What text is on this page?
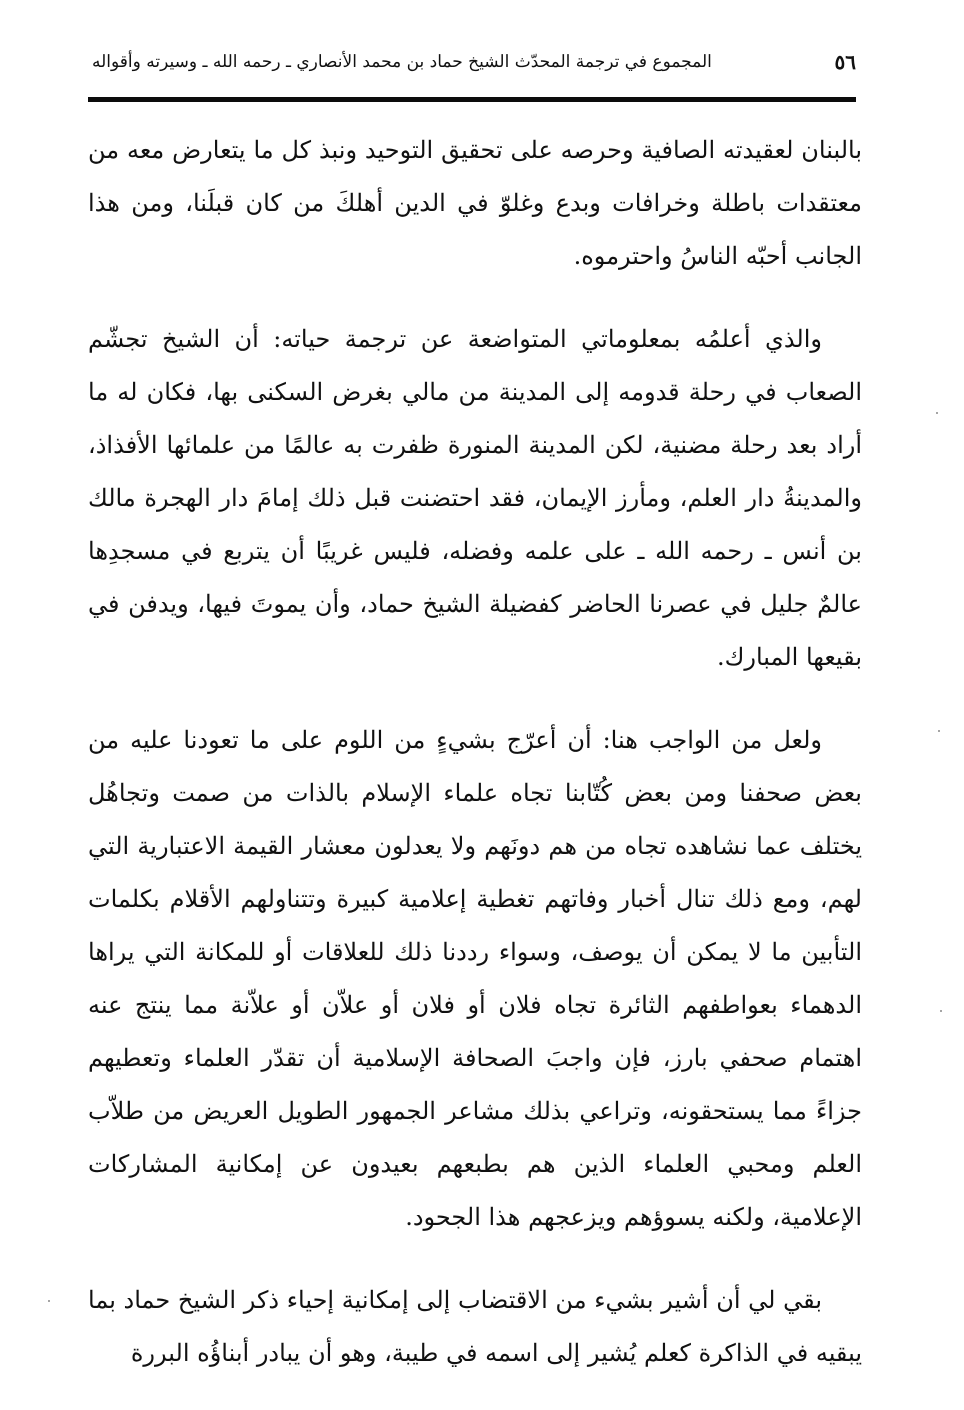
٥٦
المجموع في ترجمة المحدّث الشيخ حماد بن محمد الأنصاري ـ رحمه الله ـ وسيرته وأقواله

بالبنان لعقيدته الصافية وحرصه على تحقيق التوحيد ونبذ كل ما يتعارض معه من معتقدات باطلة وخرافات وبدع وغلوّ في الدين أهلكَ من كان قبلَنا، ومن هذا الجانب أحبّه الناسُ واحترموه.

والذي أعلمُه بمعلوماتي المتواضعة عن ترجمة حياته: أن الشيخ تجشّم الصعاب في رحلة قدومه إلى المدينة من مالي بغرض السكنى بها، فكان له ما أراد بعد رحلة مضنية، لكن المدينة المنورة ظفرت به عالمًا من علمائها الأفذاذ، والمدينةُ دار العلم، ومأرز الإيمان، فقد احتضنت قبل ذلك إمامَ دار الهجرة مالك بن أنس ـ رحمه الله ـ على علمه وفضله، فليس غريبًا أن يتربع في مسجدِها عالمٌ جليل في عصرنا الحاضر كفضيلة الشيخ حماد، وأن يموتَ فيها، ويدفن في بقيعها المبارك.

ولعل من الواجب هنا: أن أعرّج بشيءٍ من اللوم على ما تعودنا عليه من بعض صحفنا ومن بعض كُتّابنا تجاه علماء الإسلام بالذات من صمت وتجاهُل يختلف عما نشاهده تجاه من هم دونَهم ولا يعدلون معشار القيمة الاعتبارية التي لهم، ومع ذلك تنال أخبار وفاتهم تغطية إعلامية كبيرة وتتناولهم الأقلام بكلمات التأبين ما لا يمكن أن يوصف، وسواء رددنا ذلك للعلاقات أو للمكانة التي يراها الدهماء بعواطفهم الثائرة تجاه فلان أو فلان أو علاّن أو علاّنة مما ينتج عنه اهتمام صحفي بارز، فإن واجبَ الصحافة الإسلامية أن تقدّر العلماء وتعطيهم جزاءً مما يستحقونه، وتراعي بذلك مشاعر الجمهور الطويل العريض من طلاّب العلم ومحبي العلماء الذين هم بطبعهم بعيدون عن إمكانية المشاركات الإعلامية، ولكنه يسوؤهم ويزعجهم هذا الجحود.

بقي لي أن أشير بشيء من الاقتضاب إلى إمكانية إحياء ذكر الشيخ حماد بما يبقيه في الذاكرة كعلم يُشير إلى اسمه في طيبة، وهو أن يبادر أبناؤُه البررة
